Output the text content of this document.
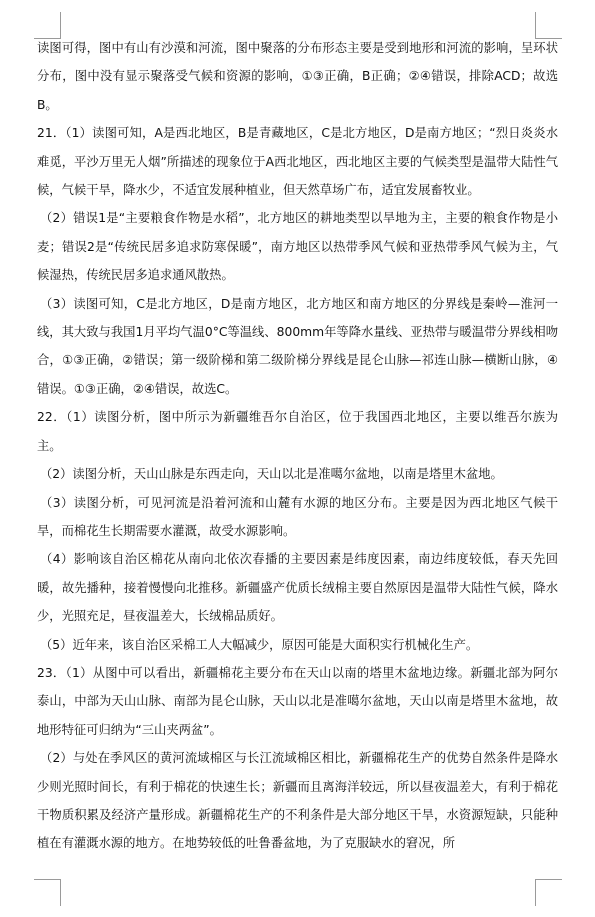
读图可得，图中有山有沙漠和河流，图中聚落的分布形态主要是受到地形和河流的影响，呈环状分布，图中没有显示聚落受气候和资源的影响，①③正确，B正确；②④错误，排除ACD；故选B。

21．（1）读图可知，A是西北地区，B是青藏地区，C是北方地区，D是南方地区；“烈日炎炎水难觅，平沙万里无人烟”所描述的现象位于A西北地区，西北地区主要的气候类型是温带大陆性气候，气候干旱，降水少，不适宜发展种植业，但天然草场广布，适宜发展畜牧业。

（2）错误1是“主要粮食作物是水稻”，北方地区的耕地类型以旱地为主，主要的粮食作物是小麦；错误2是“传统民居多追求防寒保暖”，南方地区以热带季风气候和亚热带季风气候为主，气候湿热，传统民居多追求通风散热。

（3）读图可知，C是北方地区，D是南方地区，北方地区和南方地区的分界线是秦岭—淮河一线，其大致与我国1月平均气温0°C等温线、800mm年等降水量线、亚热带与暖温带分界线相吻合，①③正确，②错误；第一级阶梯和第二级阶梯分界线是昆仑山脉—祁连山脉—横断山脉，④错误。①③正确，②④错误，故选C。

22．（1）读图分析，图中所示为新疆维吾尔自治区，位于我国西北地区，主要以维吾尔族为主。

（2）读图分析，天山山脉是东西走向，天山以北是准噶尔盆地，以南是塔里木盆地。

（3）读图分析，可见河流是沿着河流和山麓有水源的地区分布。主要是因为西北地区气候干旱，而棉花生长期需要水灌溉，故受水源影响。

（4）影响该自治区棉花从南向北依次春播的主要因素是纬度因素，南边纬度较低，春天先回暖，故先播种，接着慢慢向北推移。新疆盛产优质长绒棉主要自然原因是温带大陆性气候，降水少，光照充足，昼夜温差大，长绒棉品质好。

（5）近年来，该自治区采棉工人大幅减少，原因可能是大面积实行机械化生产。

23．（1）从图中可以看出，新疆棉花主要分布在天山以南的塔里木盆地边缘。新疆北部为阿尔泰山，中部为天山山脉、南部为昆仑山脉，天山以北是准噶尔盆地，天山以南是塔里木盆地，故地形特征可归纳为“三山夹两盆”。

（2）与处在季风区的黄河流域棉区与长江流域棉区相比，新疆棉花生产的优势自然条件是降水少则光照时间长，有利于棉花的快速生长；新疆而且离海洋较远，所以昼夜温差大，有利于棉花干物质积累及经济产量形成。新疆棉花生产的不利条件是大部分地区干旱，水资源短缺，只能种植在有灌溉水源的地方。在地势较低的吐鲁番盆地，为了克服缺水的窘况，所
